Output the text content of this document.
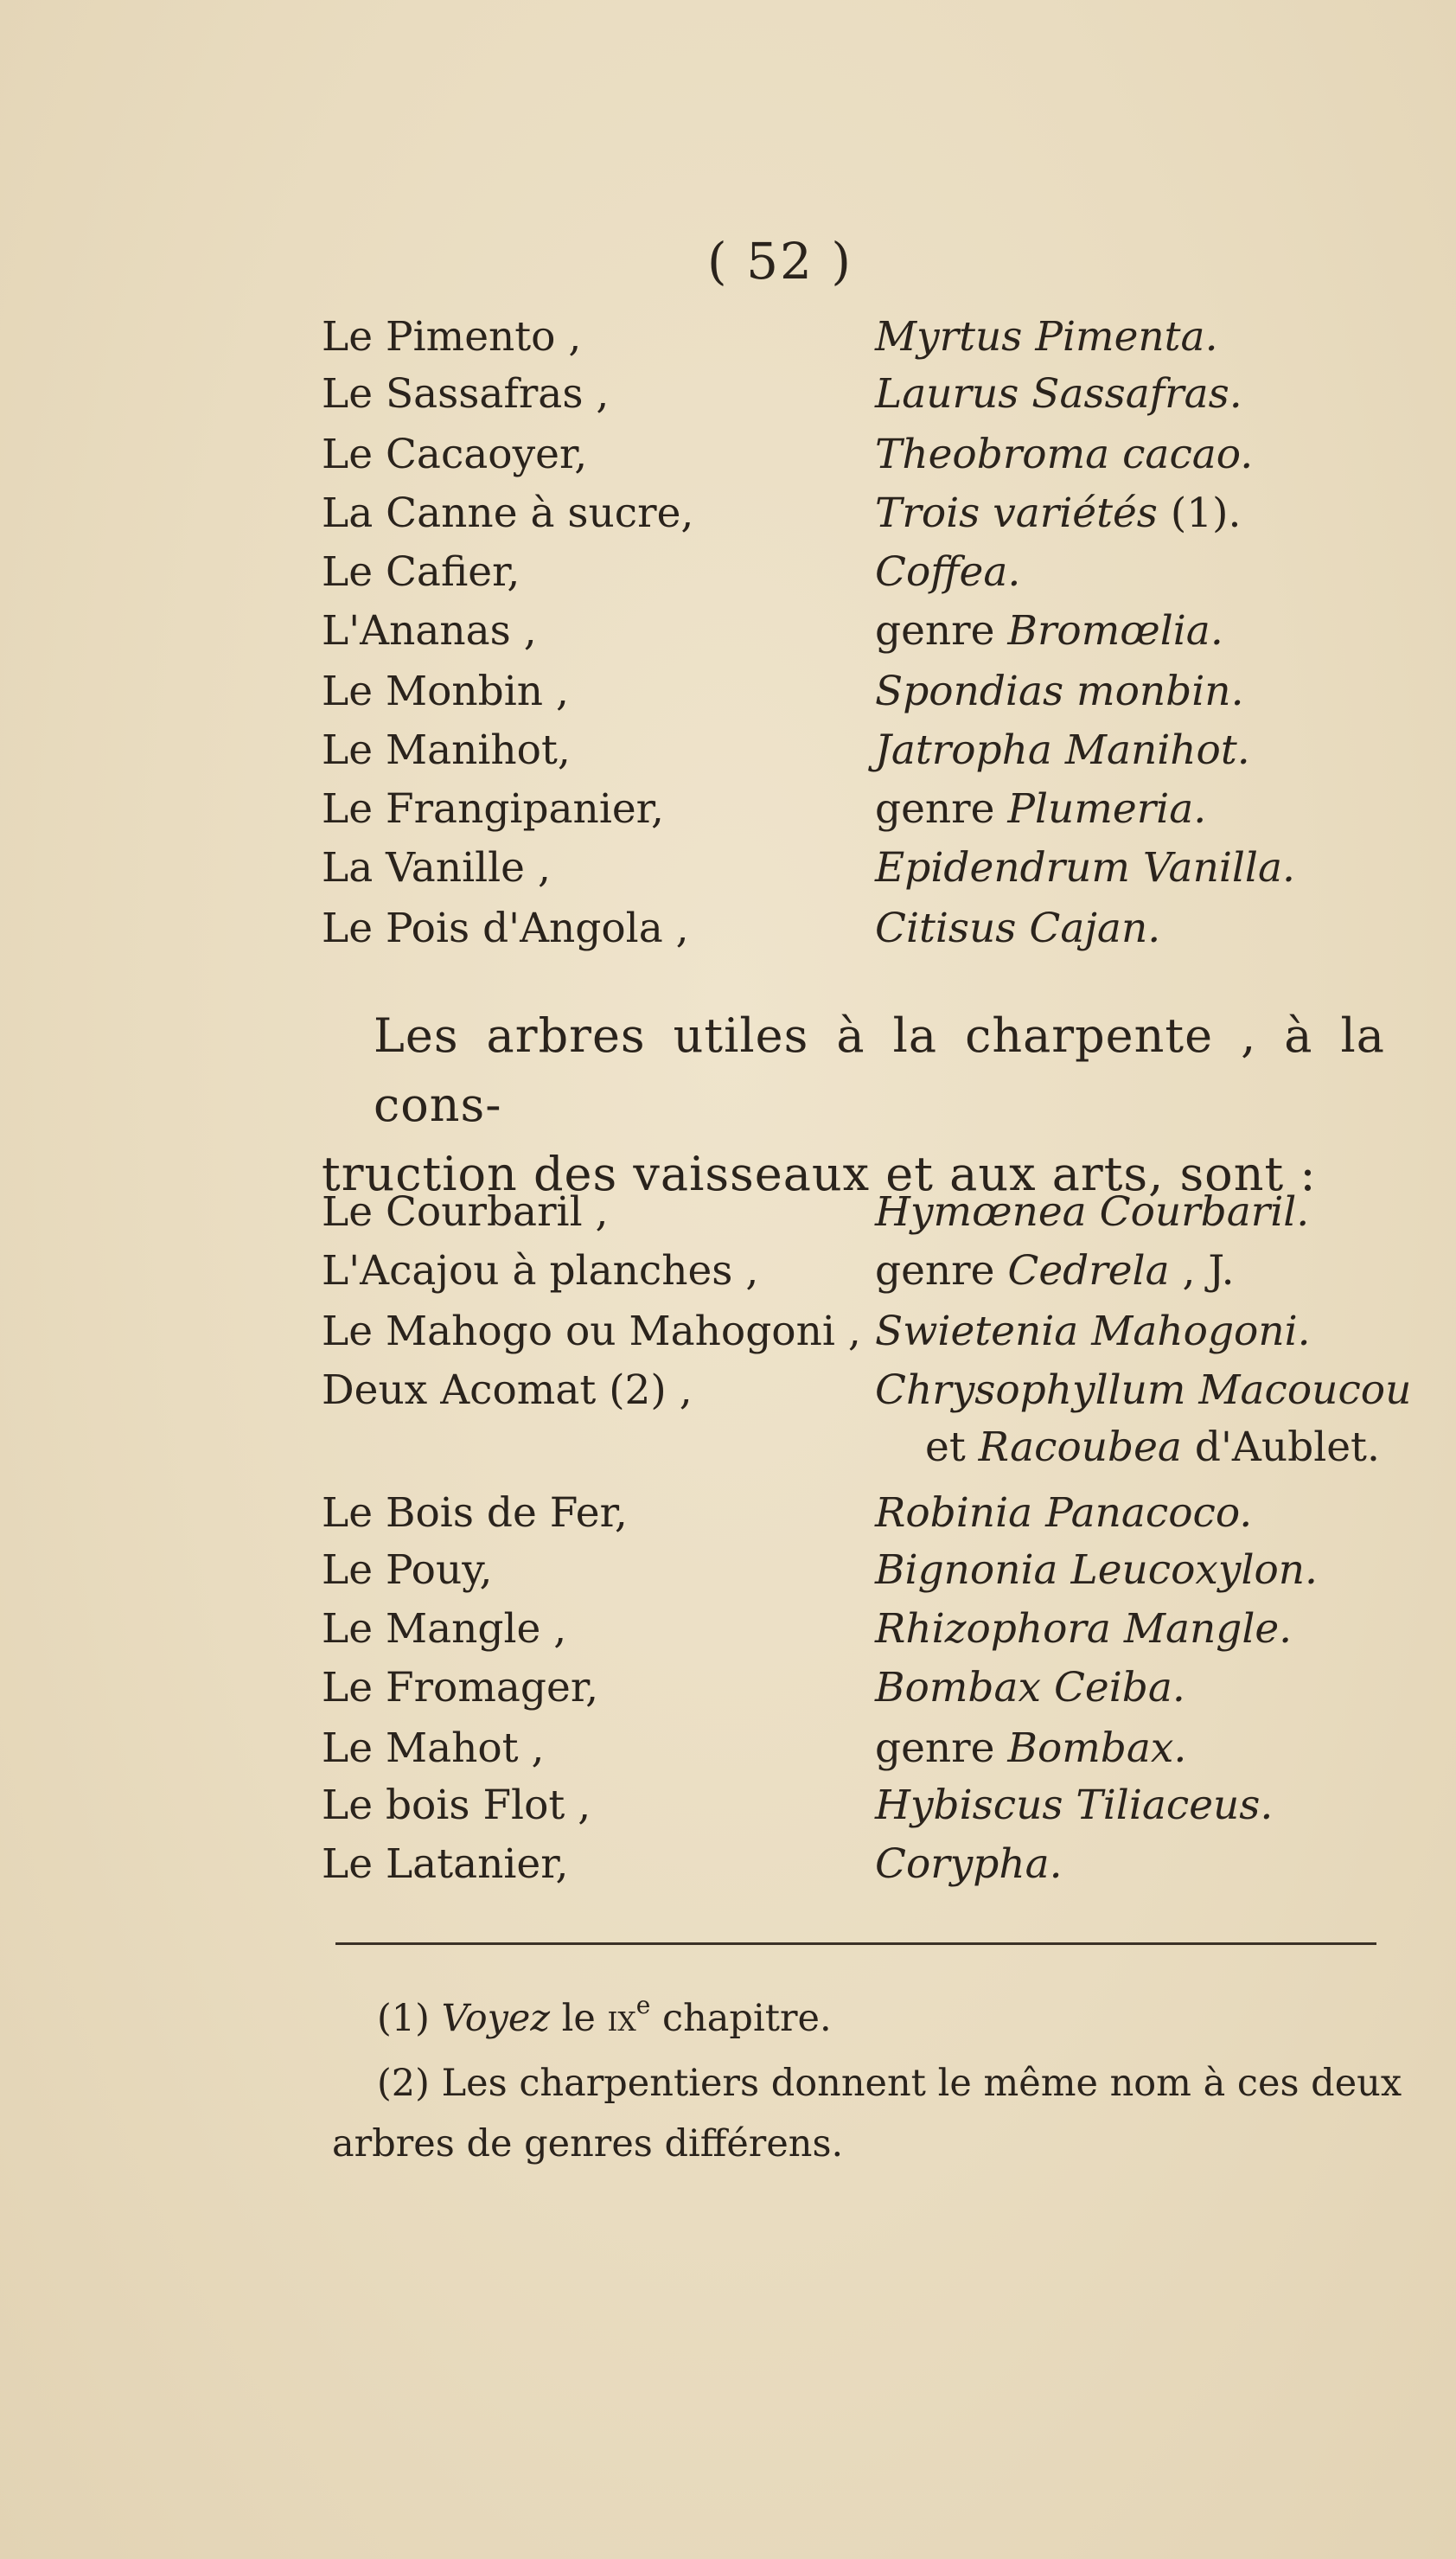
( 52 )
Le Pimento ,	Myrtus Pimenta.
Le Sassafras ,	Laurus Sassafras.
Le Cacaoyer,	Theobroma cacao.
La Canne à sucre,	Trois variétés (1).
Le Cafier,	Coffea.
L'Ananas ,	genre Bromœlia.
Le Monbin ,	Spondias monbin.
Le Manihot,	Jatropha Manihot.
Le Frangipanier,	genre Plumeria.
La Vanille ,	Epidendrum Vanilla.
Le Pois d'Angola ,	Citisus Cajan.
Les arbres utiles à la charpente , à la cons-
truction des vaisseaux et aux arts, sont :
Le Courbaril ,	Hymœnea Courbaril.
L'Acajou à planches ,	genre Cedrela , J.
Le Mahogo ou Mahogoni , Swietenia Mahogoni.
Deux Acomat (2) ,	Chrysophyllum Macoucou
et Racoubea d'Aublet.
Le Bois de Fer,	Robinia Panacoco.
Le Pouy,	Bignonia Leucoxylon.
Le Mangle ,	Rhizophora Mangle.
Le Fromager,	Bombax Ceiba.
Le Mahot ,	genre Bombax.
Le bois Flot ,	Hybiscus Tiliaceus.
Le Latanier,	Corypha.
(1) Voyez le $ix^e$ chapitre.
(2) Les charpentiers donnent le même nom à ces deux
arbres de genres différens.
